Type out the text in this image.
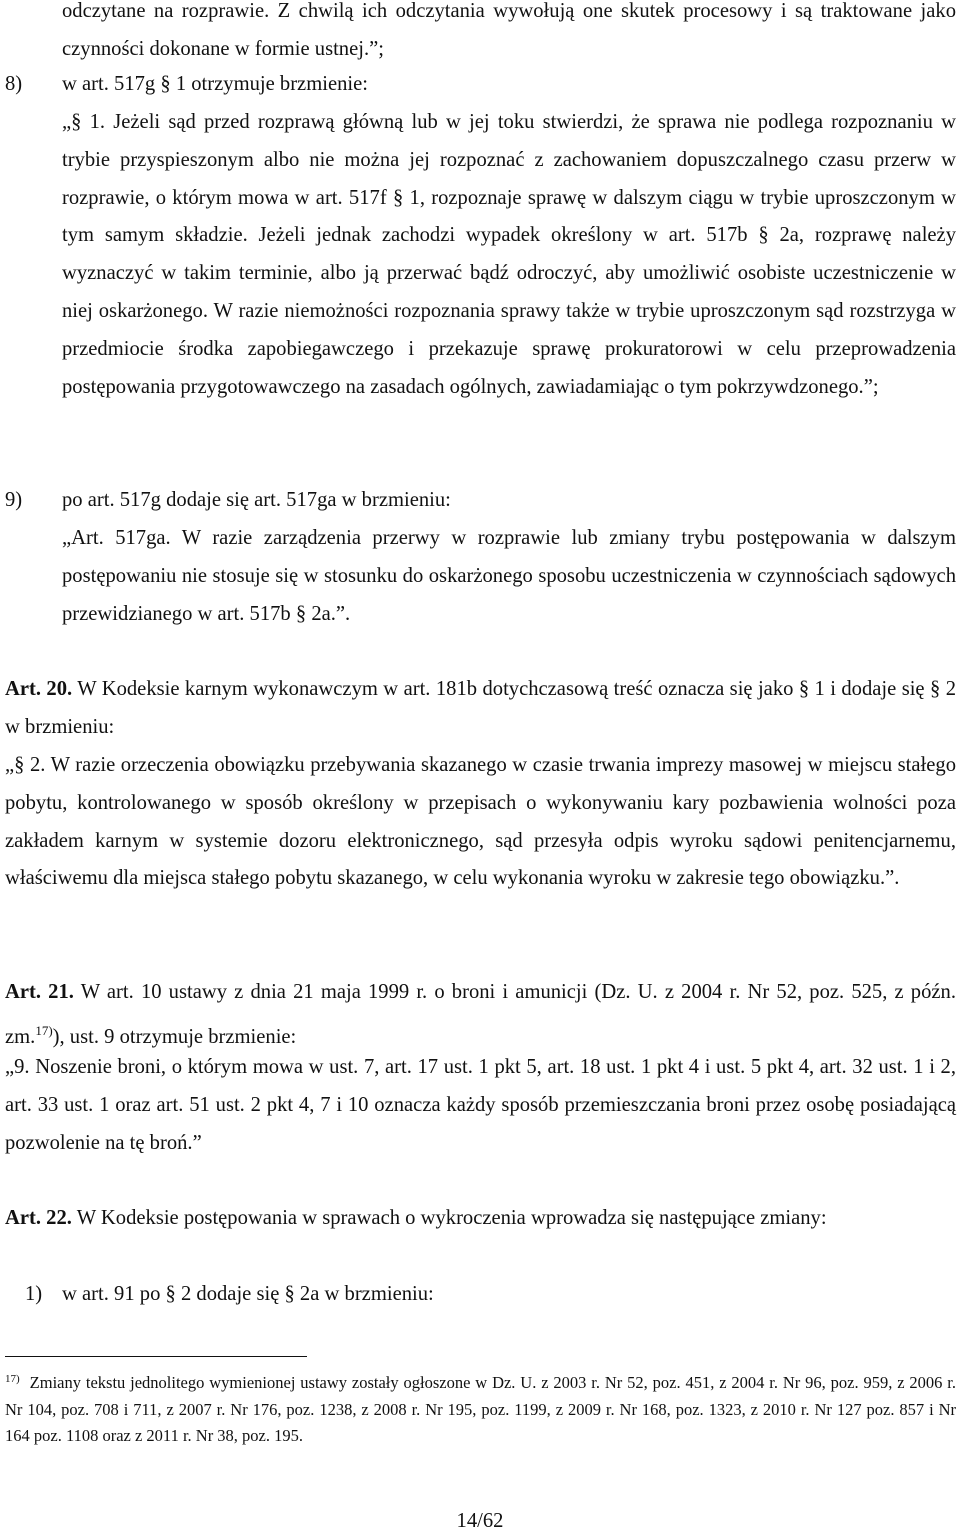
odczytane na rozprawie. Z chwilą ich odczytania wywołują one skutek procesowy i są traktowane jako czynności dokonane w formie ustnej.”;

8) w art. 517g § 1 otrzymuje brzmienie:

„§ 1. Jeżeli sąd przed rozprawą główną lub w jej toku stwierdzi, że sprawa nie podlega rozpoznaniu w trybie przyspieszonym albo nie można jej rozpoznać z zachowaniem dopuszczalnego czasu przerw w rozprawie, o którym mowa w art. 517f § 1, rozpoznaje sprawę w dalszym ciągu w trybie uproszczonym w tym samym składzie. Jeżeli jednak zachodzi wypadek określony w art. 517b § 2a, rozprawę należy wyznaczyć w takim terminie, albo ją przerwać bądź odroczyć, aby umożliwić osobiste uczestniczenie w niej oskarżonego. W razie niemożności rozpoznania sprawy także w trybie uproszczonym sąd rozstrzyga w przedmiocie środka zapobiegawczego i przekazuje sprawę prokuratorowi w celu przeprowadzenia postępowania przygotowawczego na zasadach ogólnych, zawiadamiając o tym pokrzywdzonego.”;

9) po art. 517g dodaje się art. 517ga w brzmieniu:

„Art. 517ga. W razie zarządzenia przerwy w rozprawie lub zmiany trybu postępowania w dalszym postępowaniu nie stosuje się w stosunku do oskarżonego sposobu uczestniczenia w czynnościach sądowych przewidzianego w art. 517b § 2a.”.

Art. 20. W Kodeksie karnym wykonawczym w art. 181b dotychczasową treść oznacza się jako § 1 i dodaje się § 2 w brzmieniu:

„§ 2. W razie orzeczenia obowiązku przebywania skazanego w czasie trwania imprezy masowej w miejscu stałego pobytu, kontrolowanego w sposób określony w przepisach o wykonywaniu kary pozbawienia wolności poza zakładem karnym w systemie dozoru elektronicznego, sąd przesyła odpis wyroku sądowi penitencjarnemu, właściwemu dla miejsca stałego pobytu skazanego, w celu wykonania wyroku w zakresie tego obowiązku.”.

Art. 21. W art. 10 ustawy z dnia 21 maja 1999 r. o broni i amunicji (Dz. U. z 2004 r. Nr 52, poz. 525, z późn. zm.$^{17)}$), ust. 9 otrzymuje brzmienie:

„9. Noszenie broni, o którym mowa w ust. 7, art. 17 ust. 1 pkt 5, art. 18 ust. 1 pkt 4 i ust. 5 pkt 4, art. 32 ust. 1 i 2, art. 33 ust. 1 oraz art. 51 ust. 2 pkt 4, 7 i 10 oznacza każdy sposób przemieszczania broni przez osobę posiadającą pozwolenie na tę broń.”

Art. 22. W Kodeksie postępowania w sprawach o wykroczenia wprowadza się następujące zmiany:

1) w art. 91 po § 2 dodaje się § 2a w brzmieniu:

$^{17)}$ Zmiany tekstu jednolitego wymienionej ustawy zostały ogłoszone w Dz. U. z 2003 r. Nr 52, poz. 451, z 2004 r. Nr 96, poz. 959, z 2006 r. Nr 104, poz. 708 i 711, z 2007 r. Nr 176, poz. 1238, z 2008 r. Nr 195, poz. 1199, z 2009 r. Nr 168, poz. 1323, z 2010 r. Nr 127 poz. 857 i Nr 164 poz. 1108 oraz z 2011 r. Nr 38, poz. 195.
14/62
